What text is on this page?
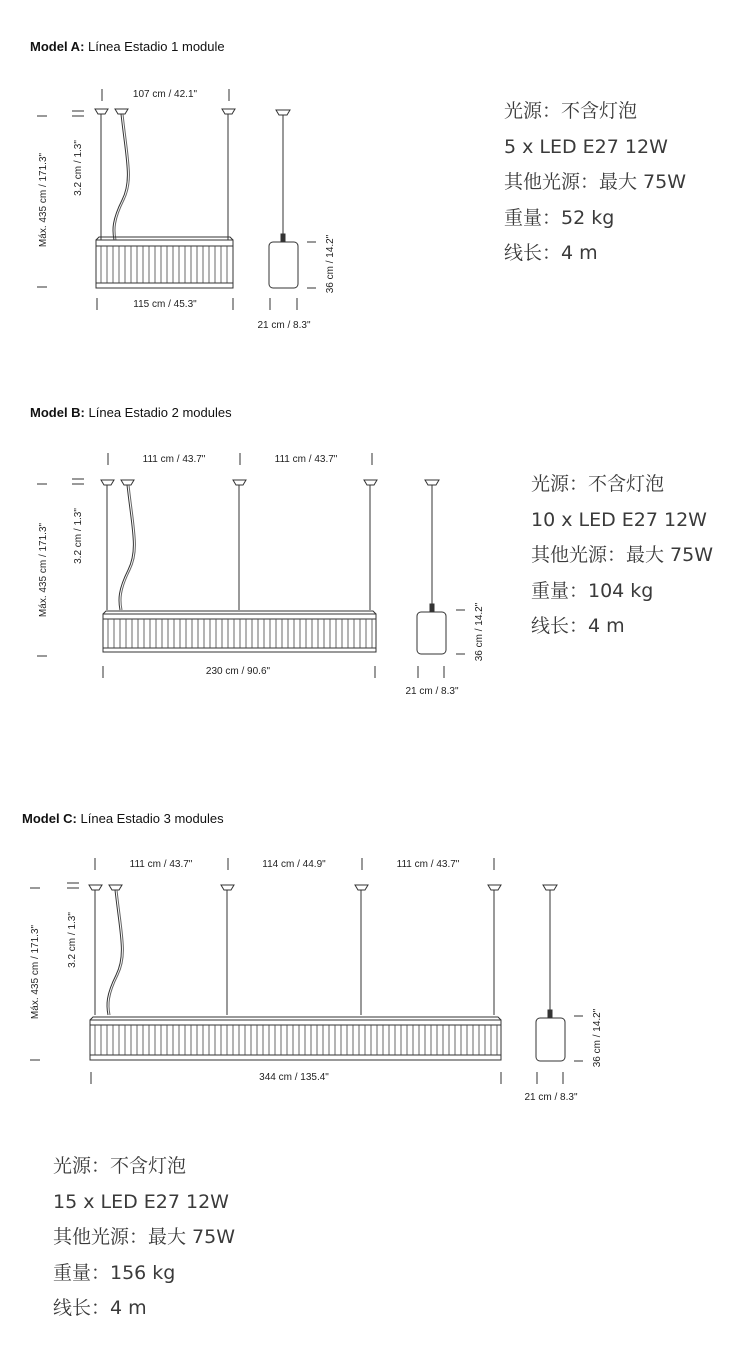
Model A: Línea Estadio 1 module
107 cm / 42.1"
115 cm / 45.3"
3.2 cm / 1.3"
Máx. 435 cm / 171.3"
36 cm / 14.2"
21 cm / 8.3"
光源：不含灯泡
5 x LED E27 12W
其他光源：最大 75W
重量：52 kg
线长：4 m
Model B: Línea Estadio 2 modules
111 cm / 43.7"	111 cm / 43.7"
230 cm / 90.6"
3.2 cm / 1.3"
Máx. 435 cm / 171.3"
36 cm / 14.2"
21 cm / 8.3"
光源：不含灯泡
10 x LED E27 12W
其他光源：最大 75W
重量：104 kg
线长：4 m
Model C: Línea Estadio 3 modules
111 cm / 43.7"	114 cm / 44.9"	111 cm / 43.7"
344 cm / 135.4"
3.2 cm / 1.3"
Máx. 435 cm / 171.3"
36 cm / 14.2"
21 cm / 8.3"
光源：不含灯泡
15 x LED E27 12W
其他光源：最大 75W
重量：156 kg
线长：4 m
